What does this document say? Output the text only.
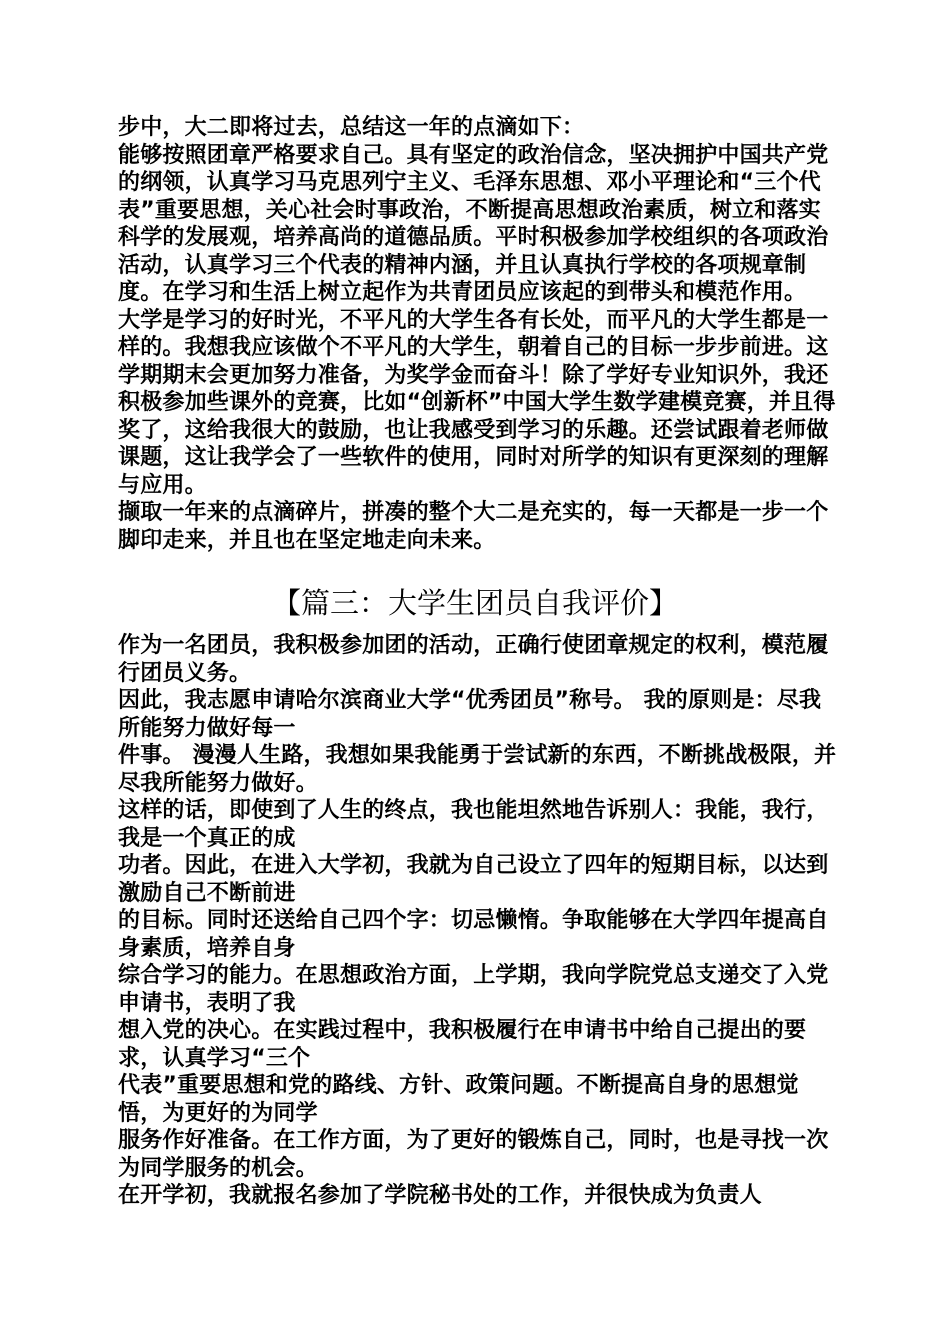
步中，大二即将过去，总结这一年的点滴如下：

能够按照团章严格要求自己。具有坚定的政治信念，坚决拥护中国共产党的纲领，认真学习马克思列宁主义、毛泽东思想、邓小平理论和“三个代表”重要思想，关心社会时事政治，不断提高思想政治素质，树立和落实科学的发展观，培养高尚的道德品质。平时积极参加学校组织的各项政治活动，认真学习三个代表的精神内涵，并且认真执行学校的各项规章制度。在学习和生活上树立起作为共青团员应该起的到带头和模范作用。

大学是学习的好时光，不平凡的大学生各有长处，而平凡的大学生都是一样的。我想我应该做个不平凡的大学生，朝着自己的目标一步步前进。这学期期末会更加努力准备，为奖学金而奋斗！除了学好专业知识外，我还积极参加些课外的竞赛，比如“创新杯”中国大学生数学建模竞赛，并且得奖了，这给我很大的鼓励，也让我感受到学习的乐趣。还尝试跟着老师做课题，这让我学会了一些软件的使用，同时对所学的知识有更深刻的理解与应用。

撷取一年来的点滴碎片，拼凑的整个大二是充实的，每一天都是一步一个脚印走来，并且也在坚定地走向未来。

【篇三：大学生团员自我评价】

作为一名团员，我积极参加团的活动，正确行使团章规定的权利，模范履行团员义务。

因此，我志愿申请哈尔滨商业大学“优秀团员”称号。 我的原则是：尽我所能努力做好每一

件事。 漫漫人生路，我想如果我能勇于尝试新的东西，不断挑战极限，并尽我所能努力做好。

这样的话，即使到了人生的终点，我也能坦然地告诉别人：我能，我行，我是一个真正的成

功者。因此，在进入大学初，我就为自己设立了四年的短期目标，以达到激励自己不断前进

的目标。同时还送给自己四个字：切忌懒惰。争取能够在大学四年提高自身素质，培养自身

综合学习的能力。在思想政治方面，上学期，我向学院党总支递交了入党申请书，表明了我

想入党的决心。在实践过程中，我积极履行在申请书中给自己提出的要求，认真学习“三个

代表”重要思想和党的路线、方针、政策问题。不断提高自身的思想觉悟，为更好的为同学

服务作好准备。在工作方面，为了更好的锻炼自己，同时，也是寻找一次为同学服务的机会。

在开学初，我就报名参加了学院秘书处的工作，并很快成为负责人
